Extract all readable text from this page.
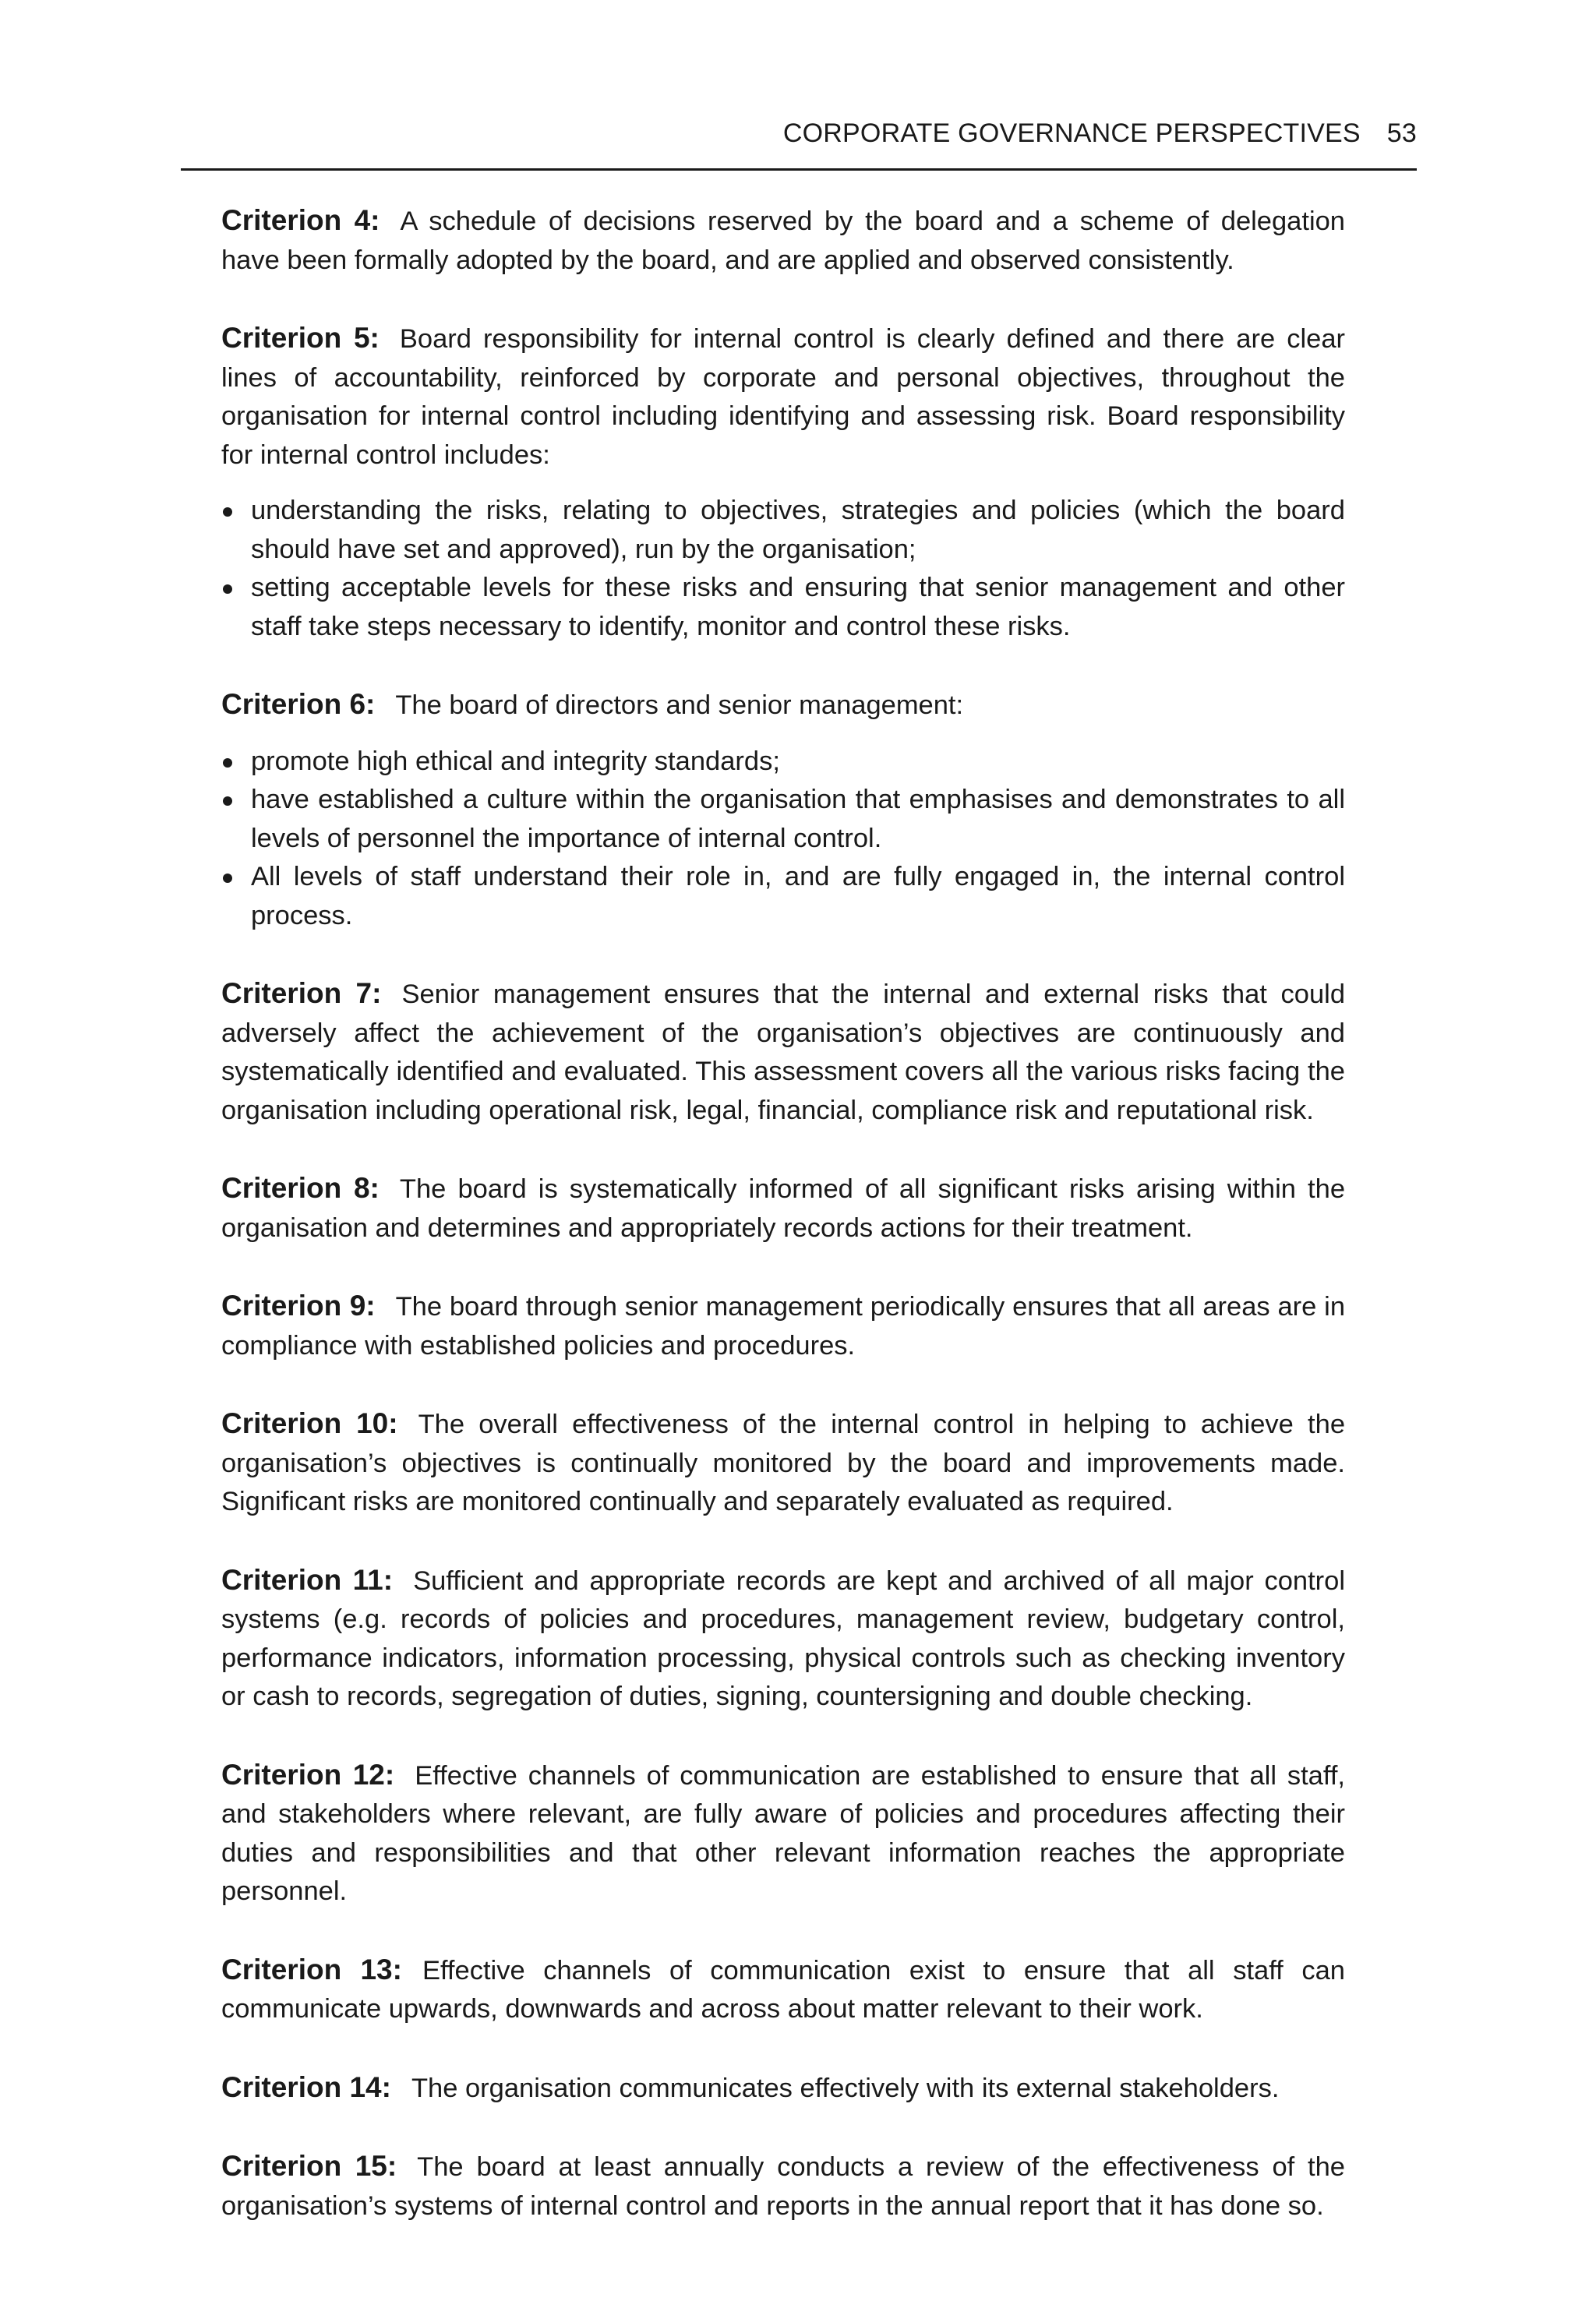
CORPORATE GOVERNANCE PERSPECTIVES 53

Criterion 4: A schedule of decisions reserved by the board and a scheme of delegation have been formally adopted by the board, and are applied and observed consistently.

Criterion 5: Board responsibility for internal control is clearly defined and there are clear lines of accountability, reinforced by corporate and personal objectives, throughout the organisation for internal control including identifying and assessing risk. Board responsibility for internal control includes:

understanding the risks, relating to objectives, strategies and policies (which the board should have set and approved), run by the organisation;
setting acceptable levels for these risks and ensuring that senior management and other staff take steps necessary to identify, monitor and control these risks.

Criterion 6: The board of directors and senior management:

promote high ethical and integrity standards;
have established a culture within the organisation that emphasises and demonstrates to all levels of personnel the importance of internal control.
All levels of staff understand their role in, and are fully engaged in, the internal control process.

Criterion 7: Senior management ensures that the internal and external risks that could adversely affect the achievement of the organisation’s objectives are continuously and systematically identified and evaluated. This assessment covers all the various risks facing the organisation including operational risk, legal, financial, compliance risk and reputational risk.

Criterion 8: The board is systematically informed of all significant risks arising within the organisation and determines and appropriately records actions for their treatment.

Criterion 9: The board through senior management periodically ensures that all areas are in compliance with established policies and procedures.

Criterion 10: The overall effectiveness of the internal control in helping to achieve the organisation’s objectives is continually monitored by the board and improvements made. Significant risks are monitored continually and separately evaluated as required.

Criterion 11: Sufficient and appropriate records are kept and archived of all major control systems (e.g. records of policies and procedures, management review, budgetary control, performance indicators, information processing, physical controls such as checking inventory or cash to records, segregation of duties, signing, countersigning and double checking.

Criterion 12: Effective channels of communication are established to ensure that all staff, and stakeholders where relevant, are fully aware of policies and procedures affecting their duties and responsibilities and that other relevant information reaches the appropriate personnel.

Criterion 13: Effective channels of communication exist to ensure that all staff can communicate upwards, downwards and across about matter relevant to their work.

Criterion 14: The organisation communicates effectively with its external stakeholders.

Criterion 15: The board at least annually conducts a review of the effectiveness of the organisation’s systems of internal control and reports in the annual report that it has done so.
